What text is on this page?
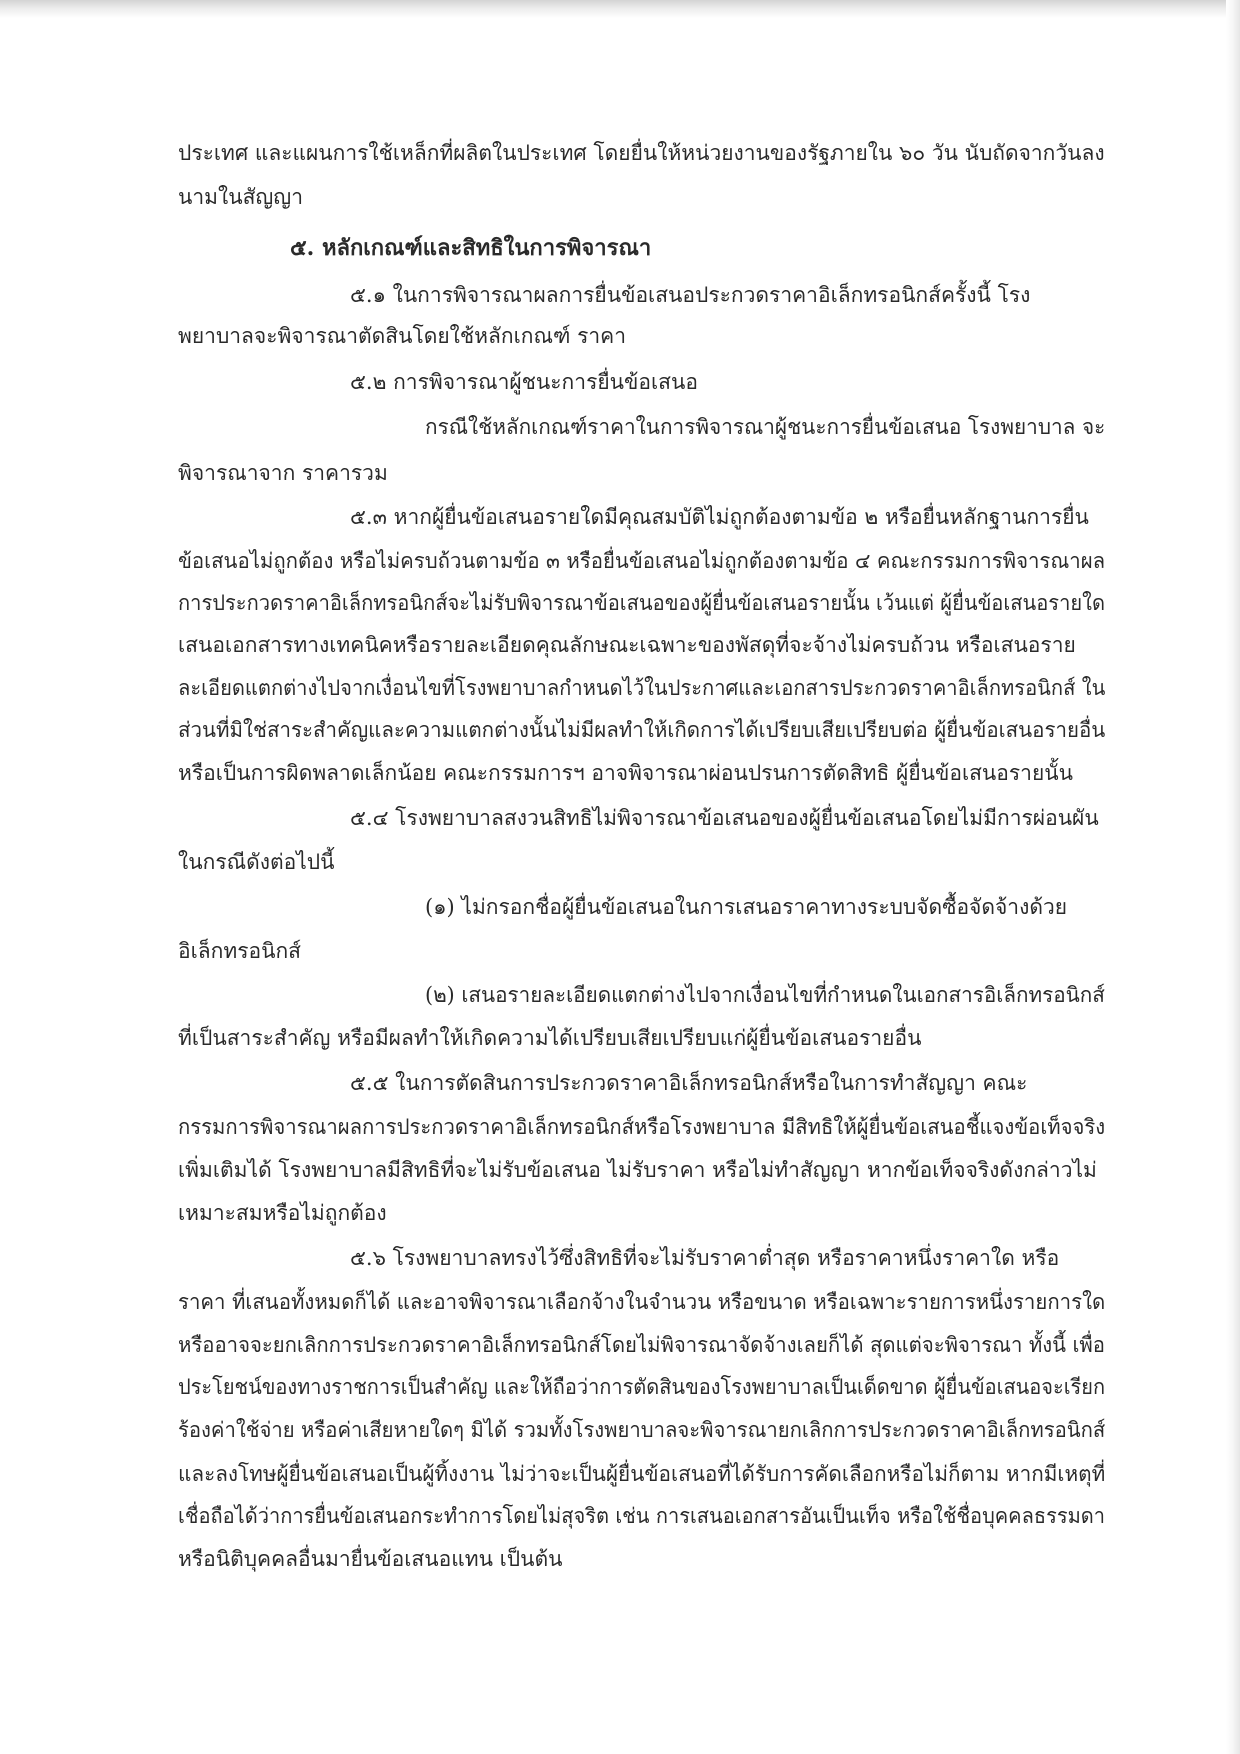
ประเทศ และแผนการใช้เหล็กที่ผลิตในประเทศ โดยยื่นให้หน่วยงานของรัฐภายใน ๖๐ วัน นับถัดจากวันลง

นามในสัญญา

๕. หลักเกณฑ์และสิทธิในการพิจารณา

๕.๑ ในการพิจารณาผลการยื่นข้อเสนอประกวดราคาอิเล็กทรอนิกส์ครั้งนี้ โรง

พยาบาลจะพิจารณาตัดสินโดยใช้หลักเกณฑ์ ราคา

๕.๒ การพิจารณาผู้ชนะการยื่นข้อเสนอ

กรณีใช้หลักเกณฑ์ราคาในการพิจารณาผู้ชนะการยื่นข้อเสนอ โรงพยาบาล จะ

พิจารณาจาก ราคารวม

๕.๓ หากผู้ยื่นข้อเสนอรายใดมีคุณสมบัติไม่ถูกต้องตามข้อ ๒ หรือยื่นหลักฐานการยื่น

ข้อเสนอไม่ถูกต้อง หรือไม่ครบถ้วนตามข้อ ๓ หรือยื่นข้อเสนอไม่ถูกต้องตามข้อ ๔ คณะกรรมการพิจารณาผล

การประกวดราคาอิเล็กทรอนิกส์จะไม่รับพิจารณาข้อเสนอของผู้ยื่นข้อเสนอรายนั้น เว้นแต่ ผู้ยื่นข้อเสนอรายใด

เสนอเอกสารทางเทคนิคหรือรายละเอียดคุณลักษณะเฉพาะของพัสดุที่จะจ้างไม่ครบถ้วน หรือเสนอราย

ละเอียดแตกต่างไปจากเงื่อนไขที่โรงพยาบาลกำหนดไว้ในประกาศและเอกสารประกวดราคาอิเล็กทรอนิกส์ ใน

ส่วนที่มิใช่สาระสำคัญและความแตกต่างนั้นไม่มีผลทำให้เกิดการได้เปรียบเสียเปรียบต่อ ผู้ยื่นข้อเสนอรายอื่น

หรือเป็นการผิดพลาดเล็กน้อย คณะกรรมการฯ อาจพิจารณาผ่อนปรนการตัดสิทธิ ผู้ยื่นข้อเสนอรายนั้น

๕.๔ โรงพยาบาลสงวนสิทธิไม่พิจารณาข้อเสนอของผู้ยื่นข้อเสนอโดยไม่มีการผ่อนผัน

ในกรณีดังต่อไปนี้

(๑) ไม่กรอกชื่อผู้ยื่นข้อเสนอในการเสนอราคาทางระบบจัดซื้อจัดจ้างด้วย

อิเล็กทรอนิกส์

(๒) เสนอรายละเอียดแตกต่างไปจากเงื่อนไขที่กำหนดในเอกสารอิเล็กทรอนิกส์

ที่เป็นสาระสำคัญ หรือมีผลทำให้เกิดความได้เปรียบเสียเปรียบแก่ผู้ยื่นข้อเสนอรายอื่น

๕.๕ ในการตัดสินการประกวดราคาอิเล็กทรอนิกส์หรือในการทำสัญญา คณะ

กรรมการพิจารณาผลการประกวดราคาอิเล็กทรอนิกส์หรือโรงพยาบาล มีสิทธิให้ผู้ยื่นข้อเสนอชี้แจงข้อเท็จจริง

เพิ่มเติมได้ โรงพยาบาลมีสิทธิที่จะไม่รับข้อเสนอ ไม่รับราคา หรือไม่ทำสัญญา หากข้อเท็จจริงดังกล่าวไม่

เหมาะสมหรือไม่ถูกต้อง

๕.๖ โรงพยาบาลทรงไว้ซึ่งสิทธิที่จะไม่รับราคาต่ำสุด หรือราคาหนึ่งราคาใด หรือ

ราคา ที่เสนอทั้งหมดก็ได้ และอาจพิจารณาเลือกจ้างในจำนวน หรือขนาด หรือเฉพาะรายการหนึ่งรายการใด

หรืออาจจะยกเลิกการประกวดราคาอิเล็กทรอนิกส์โดยไม่พิจารณาจัดจ้างเลยก็ได้ สุดแต่จะพิจารณา ทั้งนี้ เพื่อ

ประโยชน์ของทางราชการเป็นสำคัญ และให้ถือว่าการตัดสินของโรงพยาบาลเป็นเด็ดขาด ผู้ยื่นข้อเสนอจะเรียก

ร้องค่าใช้จ่าย หรือค่าเสียหายใดๆ มิได้ รวมทั้งโรงพยาบาลจะพิจารณายกเลิกการประกวดราคาอิเล็กทรอนิกส์

และลงโทษผู้ยื่นข้อเสนอเป็นผู้ทิ้งงาน ไม่ว่าจะเป็นผู้ยื่นข้อเสนอที่ได้รับการคัดเลือกหรือไม่ก็ตาม หากมีเหตุที่

เชื่อถือได้ว่าการยื่นข้อเสนอกระทำการโดยไม่สุจริต เช่น การเสนอเอกสารอันเป็นเท็จ หรือใช้ชื่อบุคคลธรรมดา

หรือนิติบุคคลอื่นมายื่นข้อเสนอแทน เป็นต้น
